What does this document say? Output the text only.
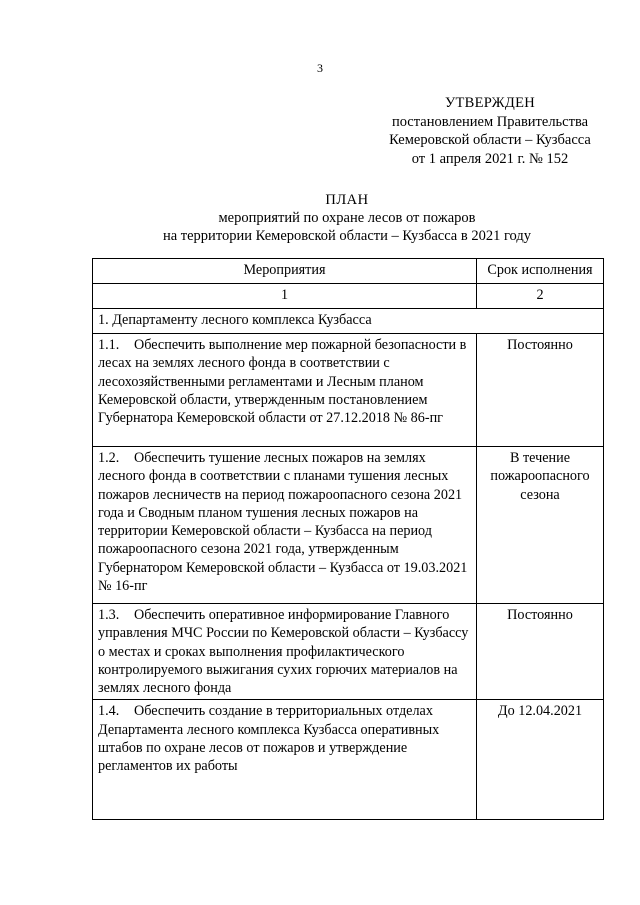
3
УТВЕРЖДЕН
постановлением Правительства
Кемеровской области – Кузбасса
от 1 апреля 2021 г. № 152
ПЛАН
мероприятий по охране лесов от пожаров
на территории Кемеровской области – Кузбасса в 2021 году
Мероприятия	Срок исполнения
1	2
1. Департаменту лесного комплекса Кузбасса	
1.1. Обеспечить выполнение мер пожарной безопасности в лесах на землях лесного фонда в соответствии с лесохозяйственными регламентами и Лесным планом Кемеровской области, утвержденным постановлением Губернатора Кемеровской области от 27.12.2018 № 86-пг	Постоянно
1.2. Обеспечить тушение лесных пожаров на землях лесного фонда в соответствии с планами тушения лесных пожаров лесничеств на период пожароопасного сезона 2021 года и Сводным планом тушения лесных пожаров на территории Кемеровской области – Кузбасса на период пожароопасного сезона 2021 года, утвержденным Губернатором Кемеровской области – Кузбасса от 19.03.2021 № 16-пг	В течение пожароопасного сезона
1.3. Обеспечить оперативное информирование Главного управления МЧС России по Кемеровской области – Кузбассу о местах и сроках выполнения профилактического контролируемого выжигания сухих горючих материалов на землях лесного фонда	Постоянно
1.4. Обеспечить создание в территориальных отделах Департамента лесного комплекса Кузбасса оперативных штабов по охране лесов от пожаров и утверждение регламентов их работы	До 12.04.2021
